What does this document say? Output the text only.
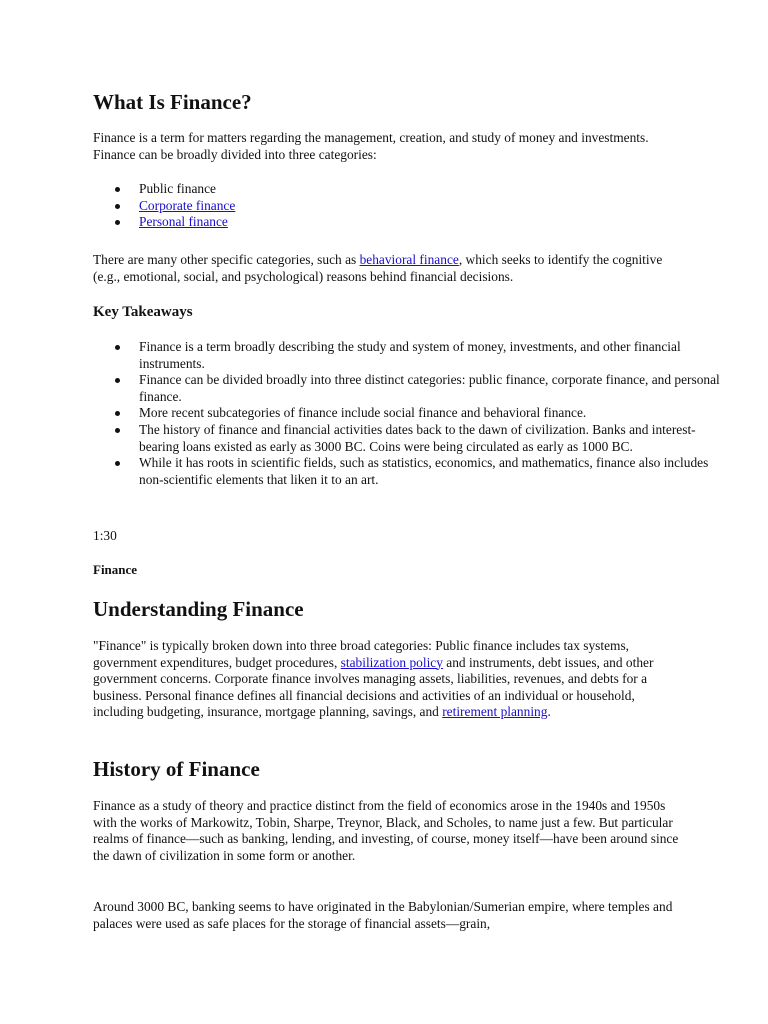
What Is Finance?

Finance is a term for matters regarding the management, creation, and study of money and investments. Finance can be broadly divided into three categories:

Public finance
Corporate finance
Personal finance

There are many other specific categories, such as behavioral finance, which seeks to identify the cognitive (e.g., emotional, social, and psychological) reasons behind financial decisions.

Key Takeaways
Finance is a term broadly describing the study and system of money, investments, and other financial instruments.
Finance can be divided broadly into three distinct categories: public finance, corporate finance, and personal finance.
More recent subcategories of finance include social finance and behavioral finance.
The history of finance and financial activities dates back to the dawn of civilization. Banks and interest-bearing loans existed as early as 3000 BC. Coins were being circulated as early as 1000 BC.
While it has roots in scientific fields, such as statistics, economics, and mathematics, finance also includes non-scientific elements that liken it to an art.

1:30

Finance

Understanding Finance

"Finance" is typically broken down into three broad categories: Public finance includes tax systems, government expenditures, budget procedures, stabilization policy and instruments, debt issues, and other government concerns. Corporate finance involves managing assets, liabilities, revenues, and debts for a business. Personal finance defines all financial decisions and activities of an individual or household, including budgeting, insurance, mortgage planning, savings, and retirement planning.

History of Finance

Finance as a study of theory and practice distinct from the field of economics arose in the 1940s and 1950s with the works of Markowitz, Tobin, Sharpe, Treynor, Black, and Scholes, to name just a few. But particular realms of finance—such as banking, lending, and investing, of course, money itself—have been around since the dawn of civilization in some form or another.

Around 3000 BC, banking seems to have originated in the Babylonian/Sumerian empire, where temples and palaces were used as safe places for the storage of financial assets—grain,
